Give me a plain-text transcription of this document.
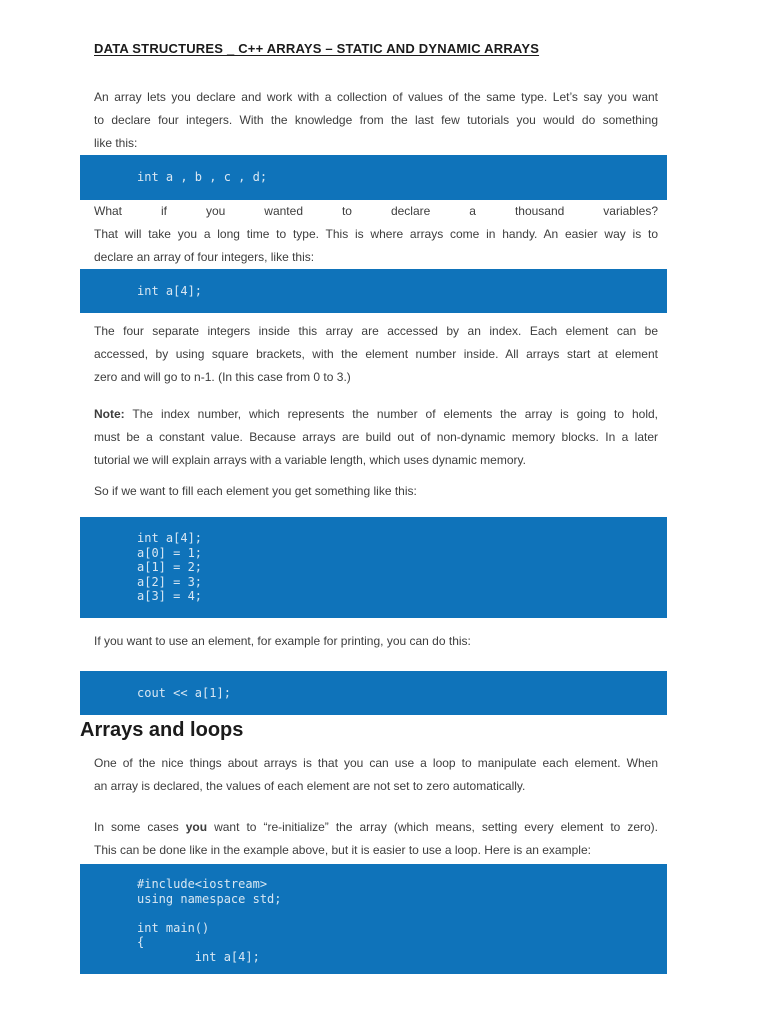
DATA STRUCTURES _ C++ ARRAYS – STATIC AND DYNAMIC ARRAYS
An array lets you declare and work with a collection of values of the same type. Let’s say you want
to declare four integers. With the knowledge from the last few tutorials you would do something
like this:
int a , b , c , d;
What if you wanted to declare a thousand variables?
That will take you a long time to type. This is where arrays come in handy. An easier way is to
declare an array of four integers, like this:
int a[4];
The four separate integers inside this array are accessed by an index. Each element can be
accessed, by using square brackets, with the element number inside. All arrays start at element
zero and will go to n-1. (In this case from 0 to 3.)
Note: The index number, which represents the number of elements the array is going to hold,
must be a constant value. Because arrays are build out of non-dynamic memory blocks. In a later
tutorial we will explain arrays with a variable length, which uses dynamic memory.
So if we want to fill each element you get something like this:
int a[4];
a[0] = 1;
a[1] = 2;
a[2] = 3;
a[3] = 4;
If you want to use an element, for example for printing, you can do this:
cout << a[1];
Arrays and loops
One of the nice things about arrays is that you can use a loop to manipulate each element. When
an array is declared, the values of each element are not set to zero automatically.
In some cases you want to “re-initialize” the array (which means, setting every element to zero).
This can be done like in the example above, but it is easier to use a loop. Here is an example:
#include<iostream>
using namespace std;
int main()
{
int a[4];
